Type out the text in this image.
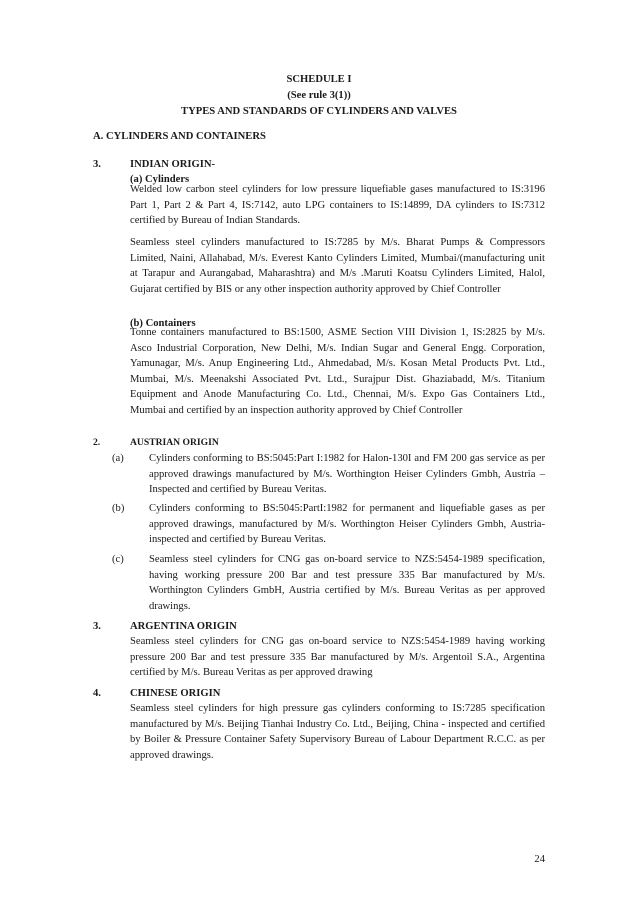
SCHEDULE I
(See rule 3(1))
TYPES AND STANDARDS OF CYLINDERS AND VALVES
A. CYLINDERS AND CONTAINERS
3.	INDIAN ORIGIN-
(a) Cylinders
Welded low carbon steel cylinders for low pressure liquefiable gases manufactured to IS:3196 Part 1, Part 2 & Part 4, IS:7142, auto LPG containers to IS:14899, DA cylinders to IS:7312 certified by Bureau of Indian Standards.
Seamless steel cylinders manufactured to IS:7285 by M/s. Bharat Pumps & Compressors Limited, Naini, Allahabad, M/s. Everest Kanto Cylinders Limited, Mumbai/(manufacturing unit at Tarapur and Aurangabad, Maharashtra) and M/s .Maruti Koatsu Cylinders Limited, Halol, Gujarat certified by BIS or any other inspection authority approved by Chief Controller
(b) Containers
Tonne containers manufactured to BS:1500, ASME Section VIII Division 1, IS:2825 by M/s. Asco Industrial Corporation, New Delhi, M/s. Indian Sugar and General Engg. Corporation, Yamunagar, M/s. Anup Engineering Ltd., Ahmedabad, M/s. Kosan Metal Products Pvt. Ltd., Mumbai, M/s. Meenakshi Associated Pvt. Ltd., Surajpur Dist. Ghaziabadd, M/s. Titanium Equipment and Anode Manufacturing Co. Ltd., Chennai, M/s. Expo Gas Containers Ltd., Mumbai and certified by an inspection authority approved by Chief Controller
2.	AUSTRIAN ORIGIN
(a) Cylinders conforming to BS:5045:Part I:1982 for Halon-130I and FM 200 gas service as per approved drawings manufactured by M/s. Worthington Heiser Cylinders Gmbh, Austria – Inspected and certified by Bureau Veritas.
(b) Cylinders conforming to BS:5045:PartI:1982 for permanent and liquefiable gases as per approved drawings, manufactured by M/s. Worthington Heiser Cylinders Gmbh, Austria-inspected and certified by Bureau Veritas.
(c) Seamless steel cylinders for CNG gas on-board service to NZS:5454-1989 specification, having working pressure 200 Bar and test pressure 335 Bar manufactured by M/s. Worthington Cylinders GmbH, Austria certified by M/s. Bureau Veritas as per approved drawings.
3.	ARGENTINA ORIGIN
Seamless steel cylinders for CNG gas on-board service to NZS:5454-1989 having working pressure 200 Bar and test pressure 335 Bar manufactured by M/s. Argentoil S.A., Argentina certified by M/s. Bureau Veritas as per approved drawing
4.	CHINESE ORIGIN
Seamless steel cylinders for high pressure gas cylinders conforming to IS:7285 specification manufactured by M/s. Beijing Tianhai Industry Co. Ltd., Beijing, China - inspected and certified by Boiler & Pressure Container Safety Supervisory Bureau of Labour Department R.C.C. as per approved drawings.
24
